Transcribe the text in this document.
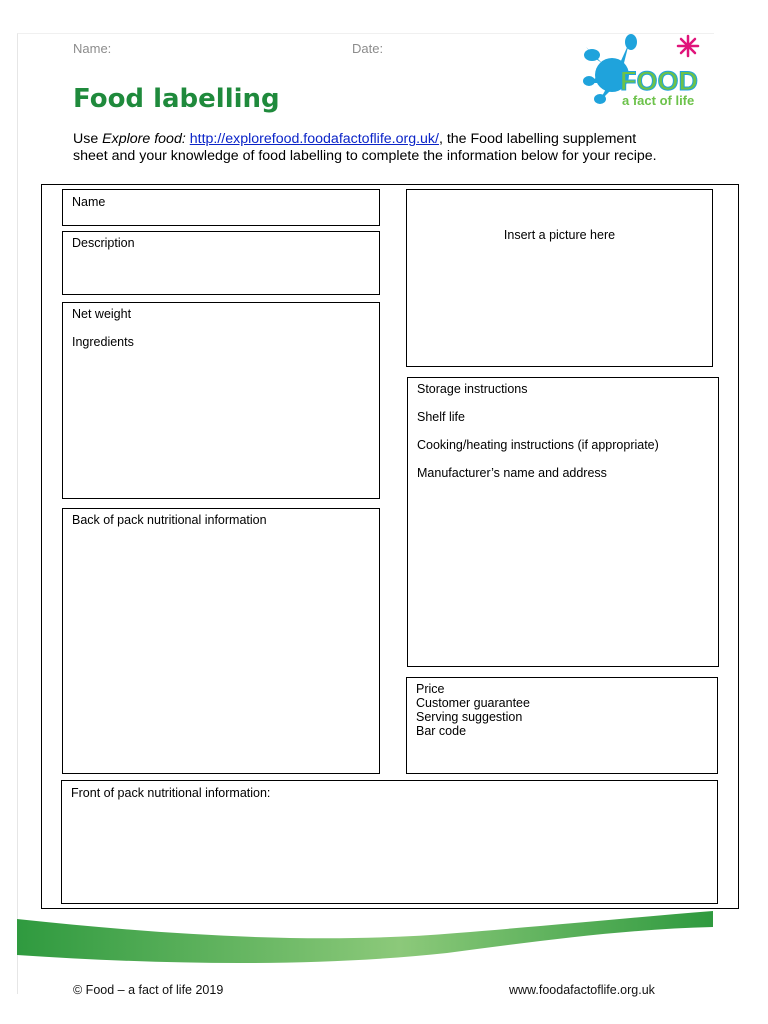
Name:	Date:
FOOD
a fact of life
Food labelling
Use Explore food: http://explorefood.foodafactoflife.org.uk/, the Food labelling supplement sheet and your knowledge of food labelling to complete the information below for your recipe.
Name
Description
Net weight
Ingredients
Back of pack nutritional information
Insert a picture here
Storage instructions
Shelf life
Cooking/heating instructions (if appropriate)
Manufacturer’s name and address
Price
Customer guarantee
Serving suggestion
Bar code
Front of pack nutritional information:
© Food – a fact of life 2019	www.foodafactoflife.org.uk
